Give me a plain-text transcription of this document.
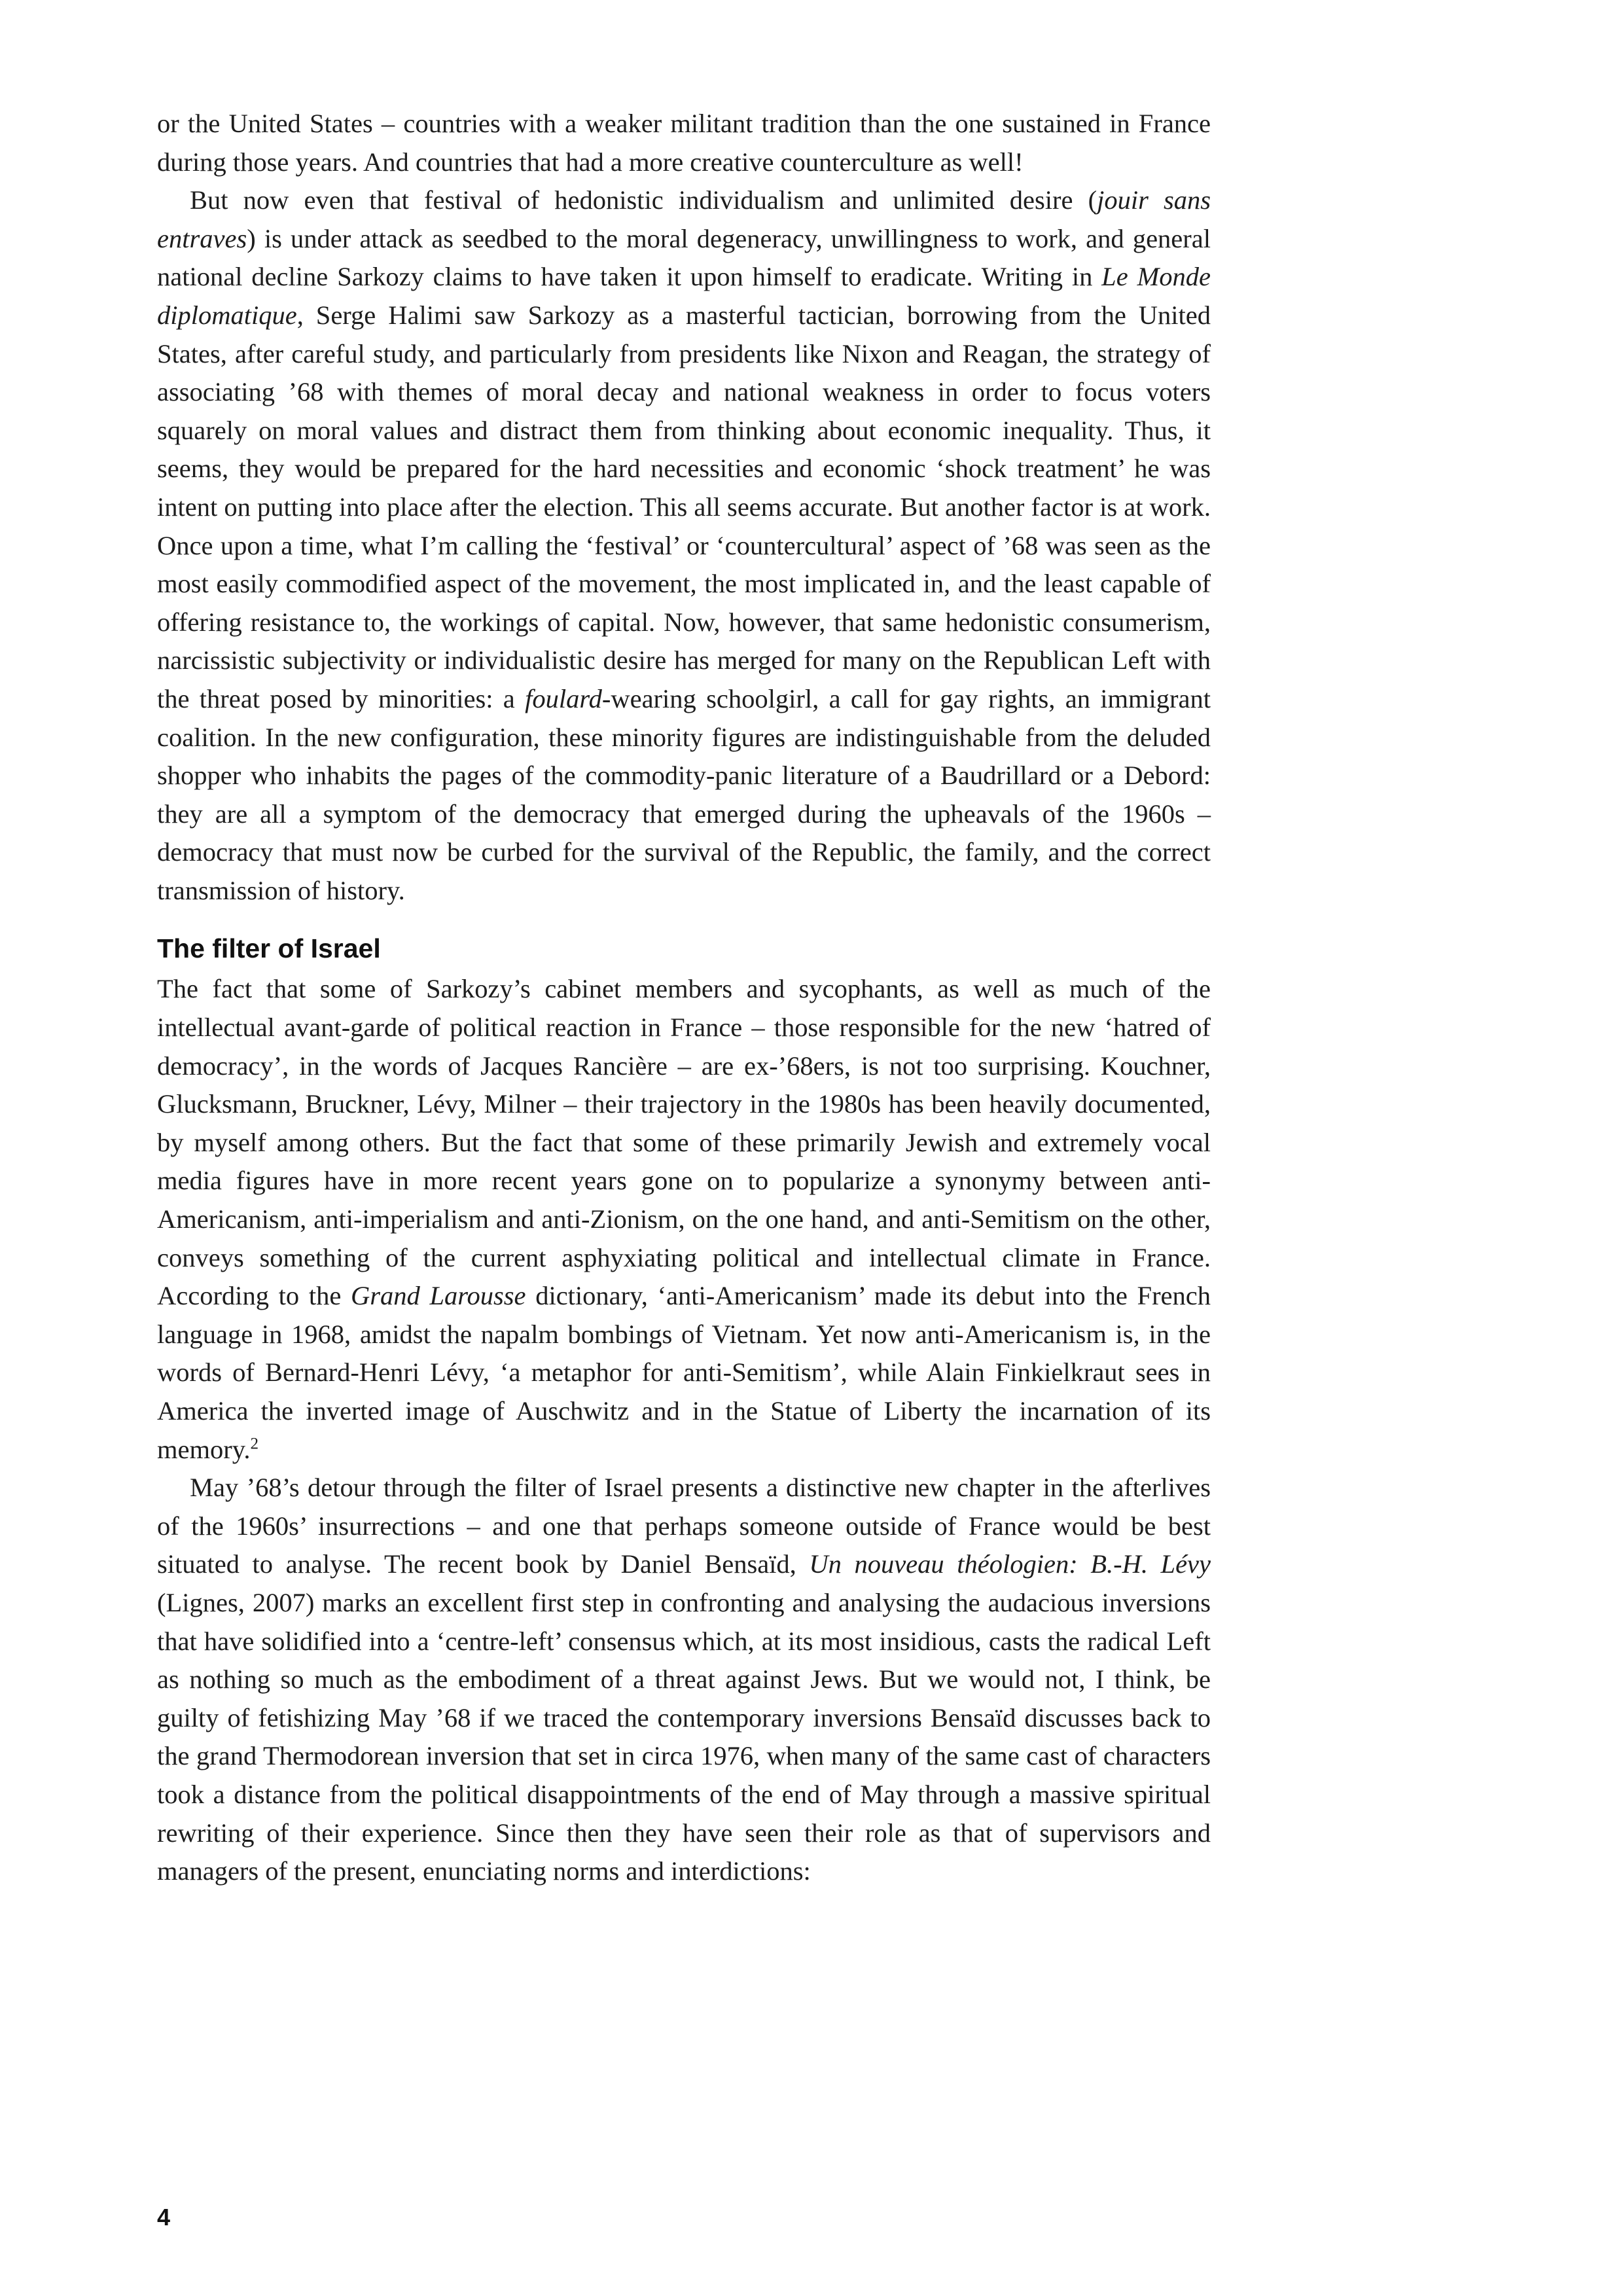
or the United States – countries with a weaker militant tradition than the one sustained in France during those years. And countries that had a more creative counterculture as well!

But now even that festival of hedonistic individualism and unlimited desire (jouir sans entraves) is under attack as seedbed to the moral degeneracy, unwillingness to work, and general national decline Sarkozy claims to have taken it upon himself to eradicate. Writing in Le Monde diplomatique, Serge Halimi saw Sarkozy as a masterful tactician, borrowing from the United States, after careful study, and particularly from presidents like Nixon and Reagan, the strategy of associating ’68 with themes of moral decay and national weakness in order to focus voters squarely on moral values and distract them from thinking about economic inequality. Thus, it seems, they would be prepared for the hard necessities and economic ‘shock treatment’ he was intent on putting into place after the election. This all seems accurate. But another factor is at work. Once upon a time, what I’m calling the ‘festival’ or ‘countercultural’ aspect of ’68 was seen as the most easily commodified aspect of the movement, the most implicated in, and the least capable of offering resistance to, the workings of capital. Now, however, that same hedonistic consumerism, narcissistic subjectivity or individualistic desire has merged for many on the Republican Left with the threat posed by minorities: a foulard-wearing schoolgirl, a call for gay rights, an immigrant coalition. In the new configuration, these minority figures are indistinguishable from the deluded shopper who inhabits the pages of the commodity-panic literature of a Baudrillard or a Debord: they are all a symptom of the democracy that emerged during the upheavals of the 1960s – democracy that must now be curbed for the survival of the Republic, the family, and the correct transmission of history.

The filter of Israel

The fact that some of Sarkozy’s cabinet members and sycophants, as well as much of the intellectual avant-garde of political reaction in France – those responsible for the new ‘hatred of democracy’, in the words of Jacques Rancière – are ex-’68ers, is not too surprising. Kouchner, Glucksmann, Bruckner, Lévy, Milner – their trajectory in the 1980s has been heavily documented, by myself among others. But the fact that some of these primarily Jewish and extremely vocal media figures have in more recent years gone on to popularize a synonymy between anti-Americanism, anti-imperialism and anti-Zionism, on the one hand, and anti-Semitism on the other, conveys something of the current asphyxiating political and intellectual climate in France. According to the Grand Larousse dictionary, ‘anti-Americanism’ made its debut into the French language in 1968, amidst the napalm bombings of Vietnam. Yet now anti-Americanism is, in the words of Bernard-Henri Lévy, ‘a metaphor for anti-Semitism’, while Alain Finkielkraut sees in America the inverted image of Auschwitz and in the Statue of Liberty the incarnation of its memory.$^2$

May ’68’s detour through the filter of Israel presents a distinctive new chapter in the afterlives of the 1960s’ insurrections – and one that perhaps someone outside of France would be best situated to analyse. The recent book by Daniel Bensaïd, Un nouveau théologien: B.-H. Lévy (Lignes, 2007) marks an excellent first step in confronting and analysing the audacious inversions that have solidified into a ‘centre-left’ consensus which, at its most insidious, casts the radical Left as nothing so much as the embodiment of a threat against Jews. But we would not, I think, be guilty of fetishizing May ’68 if we traced the contemporary inversions Bensaïd discusses back to the grand Thermodorean inversion that set in circa 1976, when many of the same cast of characters took a distance from the political disappointments of the end of May through a massive spiritual rewriting of their experience. Since then they have seen their role as that of supervisors and managers of the present, enunciating norms and interdictions:

4
